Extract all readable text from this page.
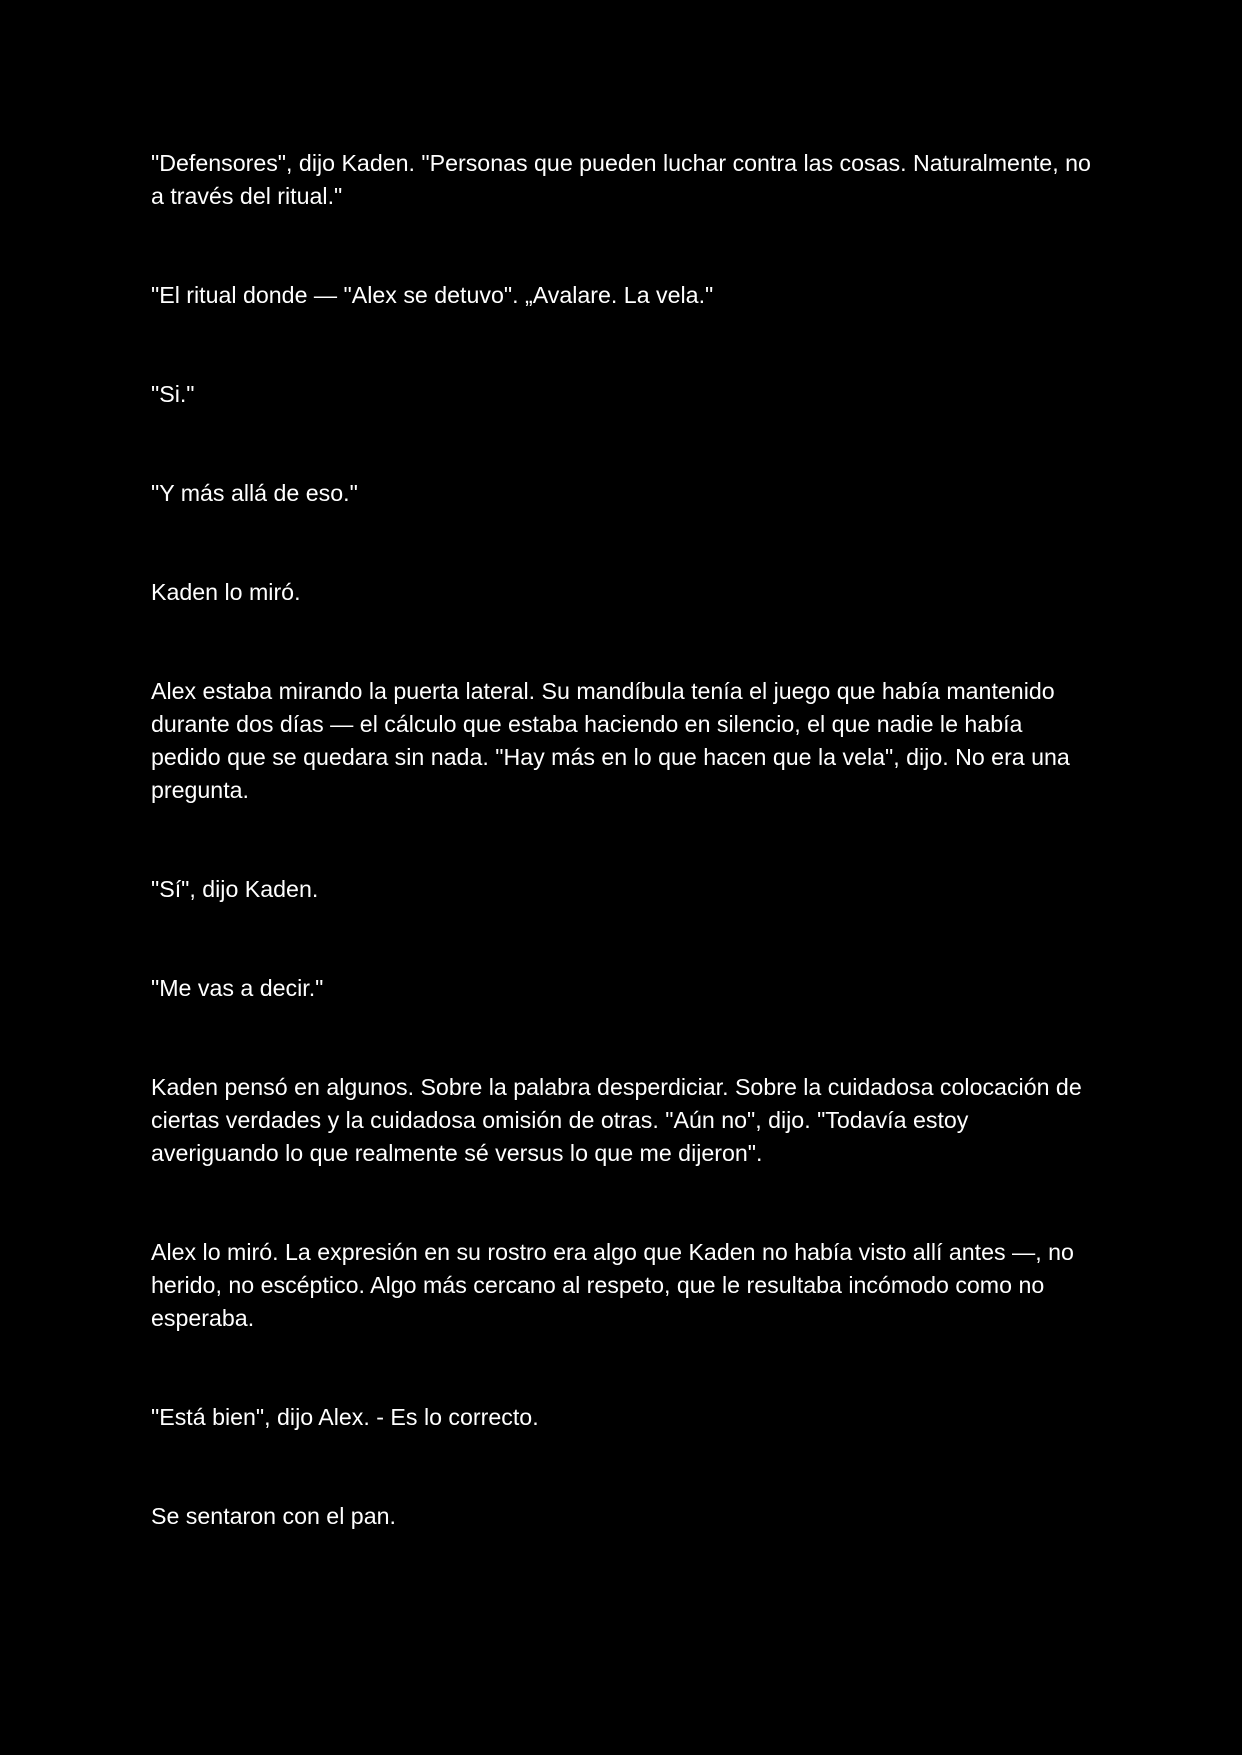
"Defensores", dijo Kaden. "Personas que pueden luchar contra las cosas. Naturalmente, no a través del ritual."

"El ritual donde — "Alex se detuvo". „Avalare. La vela."

"Si."

"Y más allá de eso."

Kaden lo miró.

Alex estaba mirando la puerta lateral. Su mandíbula tenía el juego que había mantenido durante dos días — el cálculo que estaba haciendo en silencio, el que nadie le había pedido que se quedara sin nada. "Hay más en lo que hacen que la vela", dijo. No era una pregunta.

"Sí", dijo Kaden.

"Me vas a decir."

Kaden pensó en algunos. Sobre la palabra desperdiciar. Sobre la cuidadosa colocación de ciertas verdades y la cuidadosa omisión de otras. "Aún no", dijo. "Todavía estoy averiguando lo que realmente sé versus lo que me dijeron".

Alex lo miró. La expresión en su rostro era algo que Kaden no había visto allí antes —, no herido, no escéptico. Algo más cercano al respeto, que le resultaba incómodo como no esperaba.

"Está bien", dijo Alex. - Es lo correcto.

Se sentaron con el pan.
